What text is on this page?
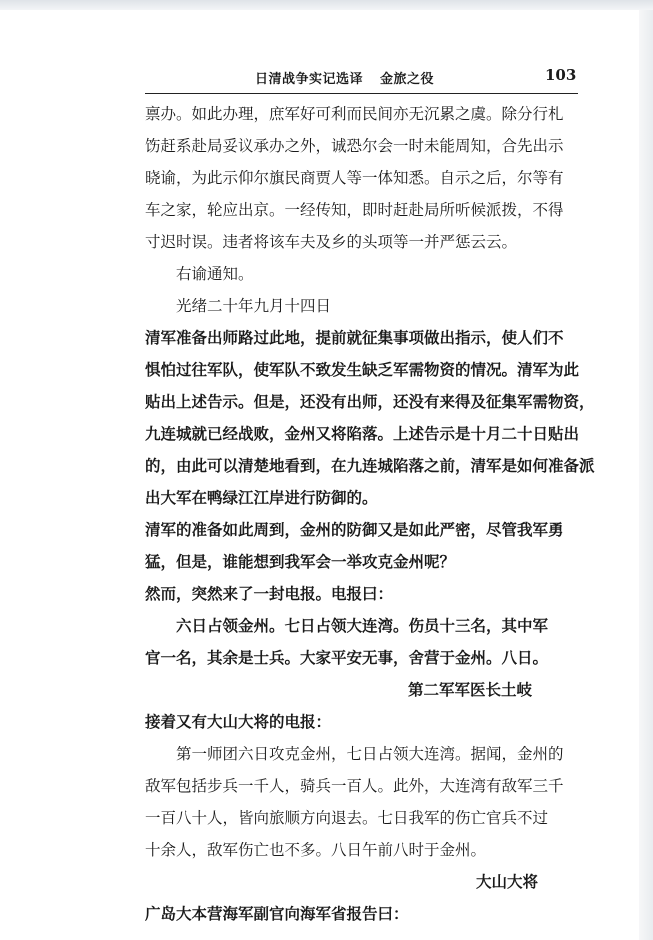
日清战争实记选译 金旅之役	103
禀办。如此办理，庶军好可利而民间亦无沉累之虞。除分行札
饬赶系赴局妥议承办之外，诚恐尔会一时未能周知，合先出示
晓谕，为此示仰尔旗民商贾人等一体知悉。自示之后，尔等有
车之家，轮应出京。一经传知，即时赶赴局所听候派拨，不得
寸迟时误。违者将该车夫及乡的头项等一并严惩云云。
右谕通知。
光绪二十年九月十四日
清军准备出师路过此地，提前就征集事项做出指示，使人们不
惧怕过往军队，使军队不致发生缺乏军需物资的情况。清军为此
贴出上述告示。但是，还没有出师，还没有来得及征集军需物资，
九连城就已经战败，金州又将陷落。上述告示是十月二十日贴出
的，由此可以清楚地看到，在九连城陷落之前，清军是如何准备派
出大军在鸭绿江江岸进行防御的。
清军的准备如此周到，金州的防御又是如此严密，尽管我军勇
猛，但是，谁能想到我军会一举攻克金州呢？
然而，突然来了一封电报。电报曰：
六日占领金州。七日占领大连湾。伤员十三名，其中军
官一名，其余是士兵。大家平安无事，舍营于金州。八日。
第二军军医长土岐
接着又有大山大将的电报：
第一师团六日攻克金州，七日占领大连湾。据闻，金州的
敌军包括步兵一千人，骑兵一百人。此外，大连湾有敌军三千
一百八十人，皆向旅顺方向退去。七日我军的伤亡官兵不过
十余人，敌军伤亡也不多。八日午前八时于金州。
大山大将
广岛大本营海军副官向海军省报告曰：
